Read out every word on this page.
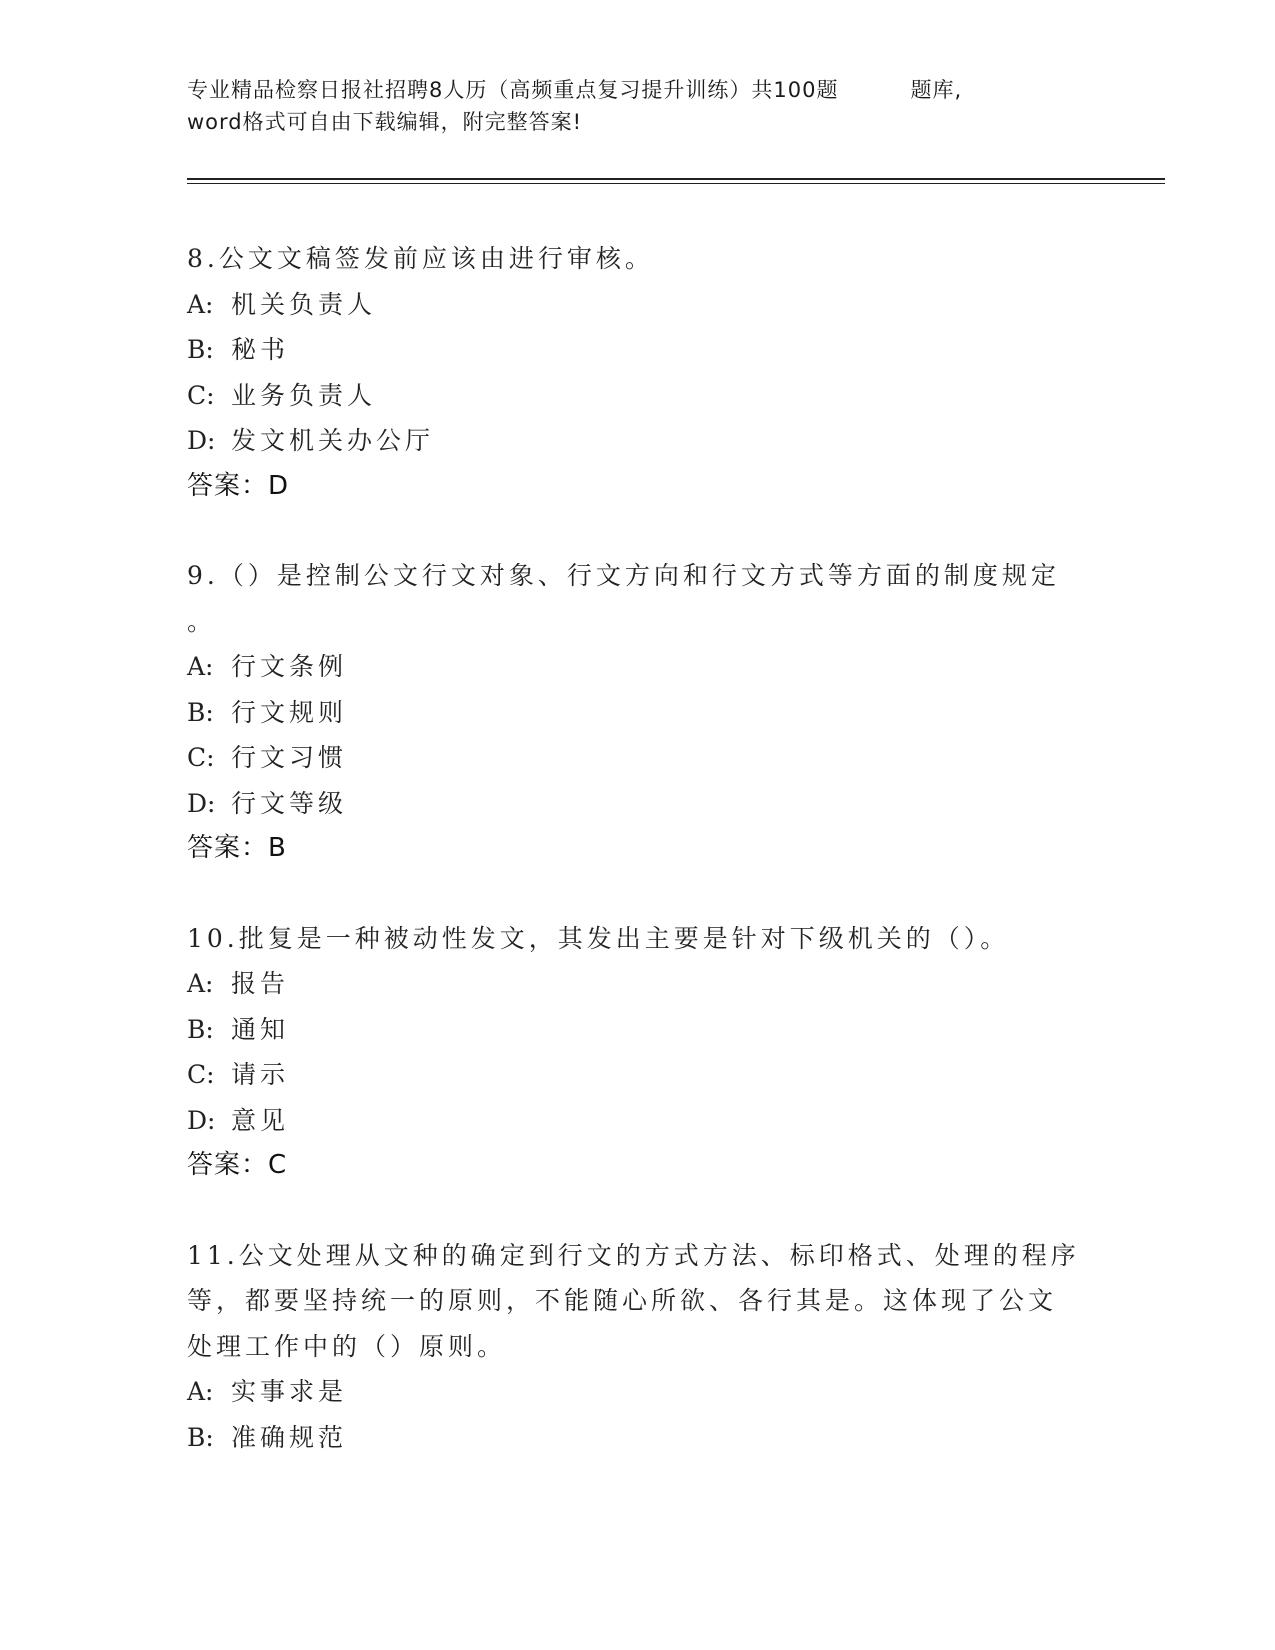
专业精品检察日报社招聘8人历（高频重点复习提升训练）共100题	题库,
word格式可自由下载编辑，附完整答案!
8.公文文稿签发前应该由进行审核。
A: 机关负责人
B: 秘书
C: 业务负责人
D: 发文机关办公厅
答案：D
9.（）是控制公文行文对象、行文方向和行文方式等方面的制度规定
。
A: 行文条例
B: 行文规则
C: 行文习惯
D: 行文等级
答案：B
10.批复是一种被动性发文，其发出主要是针对下级机关的（）。
A: 报告
B: 通知
C: 请示
D: 意见
答案：C
11.公文处理从文种的确定到行文的方式方法、标印格式、处理的程序
等，都要坚持统一的原则，不能随心所欲、各行其是。这体现了公文
处理工作中的（）原则。
A: 实事求是
B: 准确规范
